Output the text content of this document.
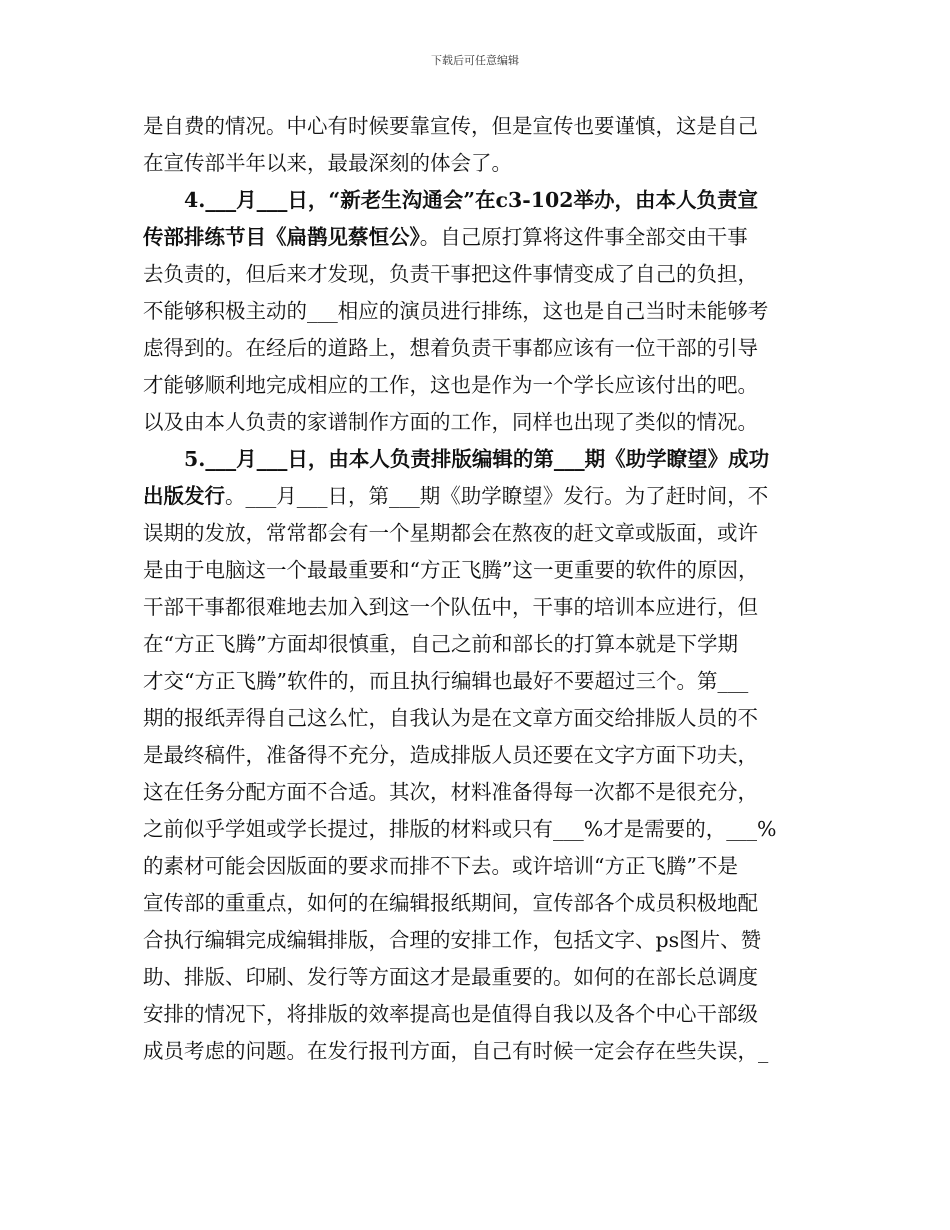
下载后可任意编辑
是自费的情况。中心有时候要靠宣传，但是宣传也要谨慎，这是自己
在宣传部半年以来，最最深刻的体会了。
4.___月___日，“新老生沟通会”在c3-102举办，由本人负责宣
传部排练节目《扁鹊见蔡恒公》。自己原打算将这件事全部交由干事
去负责的，但后来才发现，负责干事把这件事情变成了自己的负担，
不能够积极主动的___相应的演员进行排练，这也是自己当时未能够考
虑得到的。在经后的道路上，想着负责干事都应该有一位干部的引导
才能够顺利地完成相应的工作，这也是作为一个学长应该付出的吧。
以及由本人负责的家谱制作方面的工作，同样也出现了类似的情况。
5.___月___日，由本人负责排版编辑的第___期《助学瞭望》成功
出版发行。___月___日，第___期《助学瞭望》发行。为了赶时间，不
误期的发放，常常都会有一个星期都会在熬夜的赶文章或版面，或许
是由于电脑这一个最最重要和“方正飞腾”这一更重要的软件的原因，
干部干事都很难地去加入到这一个队伍中，干事的培训本应进行，但
在“方正飞腾”方面却很慎重，自己之前和部长的打算本就是下学期
才交“方正飞腾”软件的，而且执行编辑也最好不要超过三个。第___
期的报纸弄得自己这么忙，自我认为是在文章方面交给排版人员的不
是最终稿件，准备得不充分，造成排版人员还要在文字方面下功夫，
这在任务分配方面不合适。其次，材料准备得每一次都不是很充分，
之前似乎学姐或学长提过，排版的材料或只有___%才是需要的，___%
的素材可能会因版面的要求而排不下去。或许培训“方正飞腾”不是
宣传部的重重点，如何的在编辑报纸期间，宣传部各个成员积极地配
合执行编辑完成编辑排版，合理的安排工作，包括文字、ps图片、赞
助、排版、印刷、发行等方面这才是最重要的。如何的在部长总调度
安排的情况下，将排版的效率提高也是值得自我以及各个中心干部级
成员考虑的问题。在发行报刊方面，自己有时候一定会存在些失误，_
